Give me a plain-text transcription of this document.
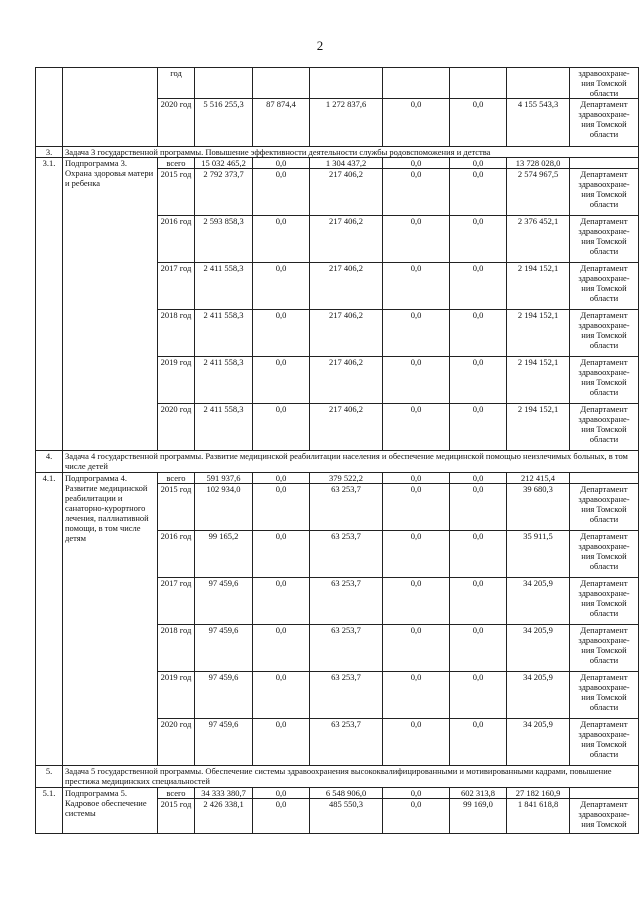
2
		год							здравоохране-ния Томской области
		2020 год	5 516 255,3	87 874,4	1 272 837,6	0,0	0,0	4 155 543,3	Департамент здравоохране-ния Томской области
3.	Задача 3 государственной программы. Повышение эффективности деятельности службы родовспоможения и детства								
3.1.	Подпрограмма 3. Охрана здоровья матери и ребенка	всего	15 032 465,2	0,0	1 304 437,2	0,0	0,0	13 728 028,0	
		2015 год	2 792 373,7	0,0	217 406,2	0,0	0,0	2 574 967,5	Департамент здравоохране-ния Томской области
		2016 год	2 593 858,3	0,0	217 406,2	0,0	0,0	2 376 452,1	Департамент здравоохране-ния Томской области
		2017 год	2 411 558,3	0,0	217 406,2	0,0	0,0	2 194 152,1	Департамент здравоохране-ния Томской области
		2018 год	2 411 558,3	0,0	217 406,2	0,0	0,0	2 194 152,1	Департамент здравоохране-ния Томской области
		2019 год	2 411 558,3	0,0	217 406,2	0,0	0,0	2 194 152,1	Департамент здравоохране-ния Томской области
		2020 год	2 411 558,3	0,0	217 406,2	0,0	0,0	2 194 152,1	Департамент здравоохране-ния Томской области
4.	Задача 4 государственной программы. Развитие медицинской реабилитации населения и обеспечение медицинской помощью неизлечимых больных, в том числе детей								
4.1.	Подпрограмма 4. Развитие медицинской реабилитации и санаторно-курортного лечения, паллиативной помощи, в том числе детям	всего	591 937,6	0,0	379 522,2	0,0	0,0	212 415,4	
		2015 год	102 934,0	0,0	63 253,7	0,0	0,0	39 680,3	Департамент здравоохране-ния Томской области
		2016 год	99 165,2	0,0	63 253,7	0,0	0,0	35 911,5	Департамент здравоохране-ния Томской области
		2017 год	97 459,6	0,0	63 253,7	0,0	0,0	34 205,9	Департамент здравоохране-ния Томской области
		2018 год	97 459,6	0,0	63 253,7	0,0	0,0	34 205,9	Департамент здравоохране-ния Томской области
		2019 год	97 459,6	0,0	63 253,7	0,0	0,0	34 205,9	Департамент здравоохране-ния Томской области
		2020 год	97 459,6	0,0	63 253,7	0,0	0,0	34 205,9	Департамент здравоохране-ния Томской области
5.	Задача 5 государственной программы. Обеспечение системы здравоохранения высококвалифицированными и мотивированными кадрами, повышение престижа медицинских специальностей								
5.1.	Подпрограмма 5. Кадровое обеспечение системы	всего	34 333 380,7	0,0	6 548 906,0	0,0	602 313,8	27 182 160,9	
		2015 год	2 426 338,1	0,0	485 550,3	0,0	99 169,0	1 841 618,8	Департамент здравоохране-ния Томской
